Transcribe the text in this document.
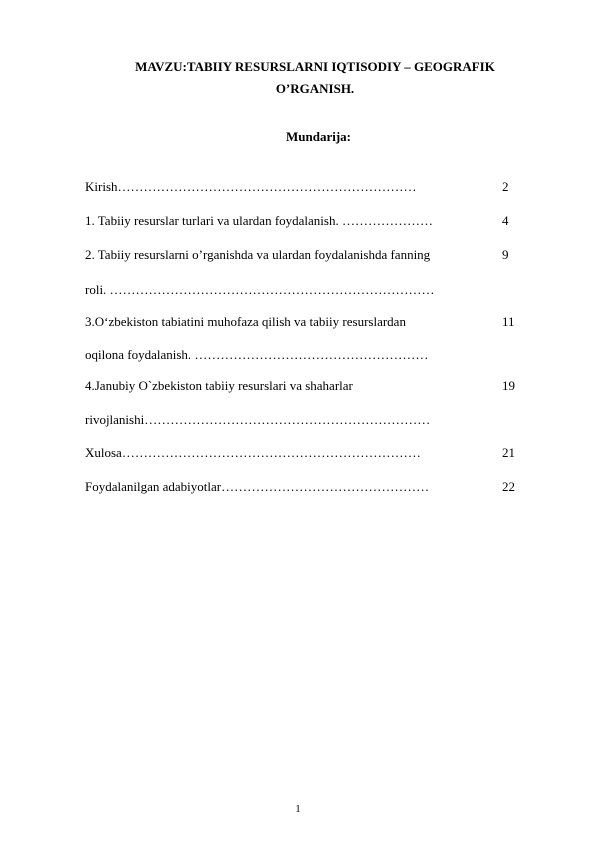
MAVZU:TABIIY RESURSLARNI IQTISODIY – GEOGRAFIK
O’RGANISH.
Mundarija:
Kirish……………………………………………………………	2
1. Tabiiy resurslar turlari va ulardan foydalanish. …………………	4
2. Tabiiy resurslarni o’rganishda va ulardan foydalanishda fanning	9
roli. …………………………………………………………………
3.O‘zbekiston tabiatini muhofaza qilish va tabiiy resurslardan	11
oqilona foydalanish. ………………………………………………
4.Janubiy O`zbekiston tabiiy resurslari va shaharlar	19
rivojlanishi…………………………………………………………
Xulosa……………………………………………………………	21
Foydalanilgan adabiyotlar…………………………………………	22
1
